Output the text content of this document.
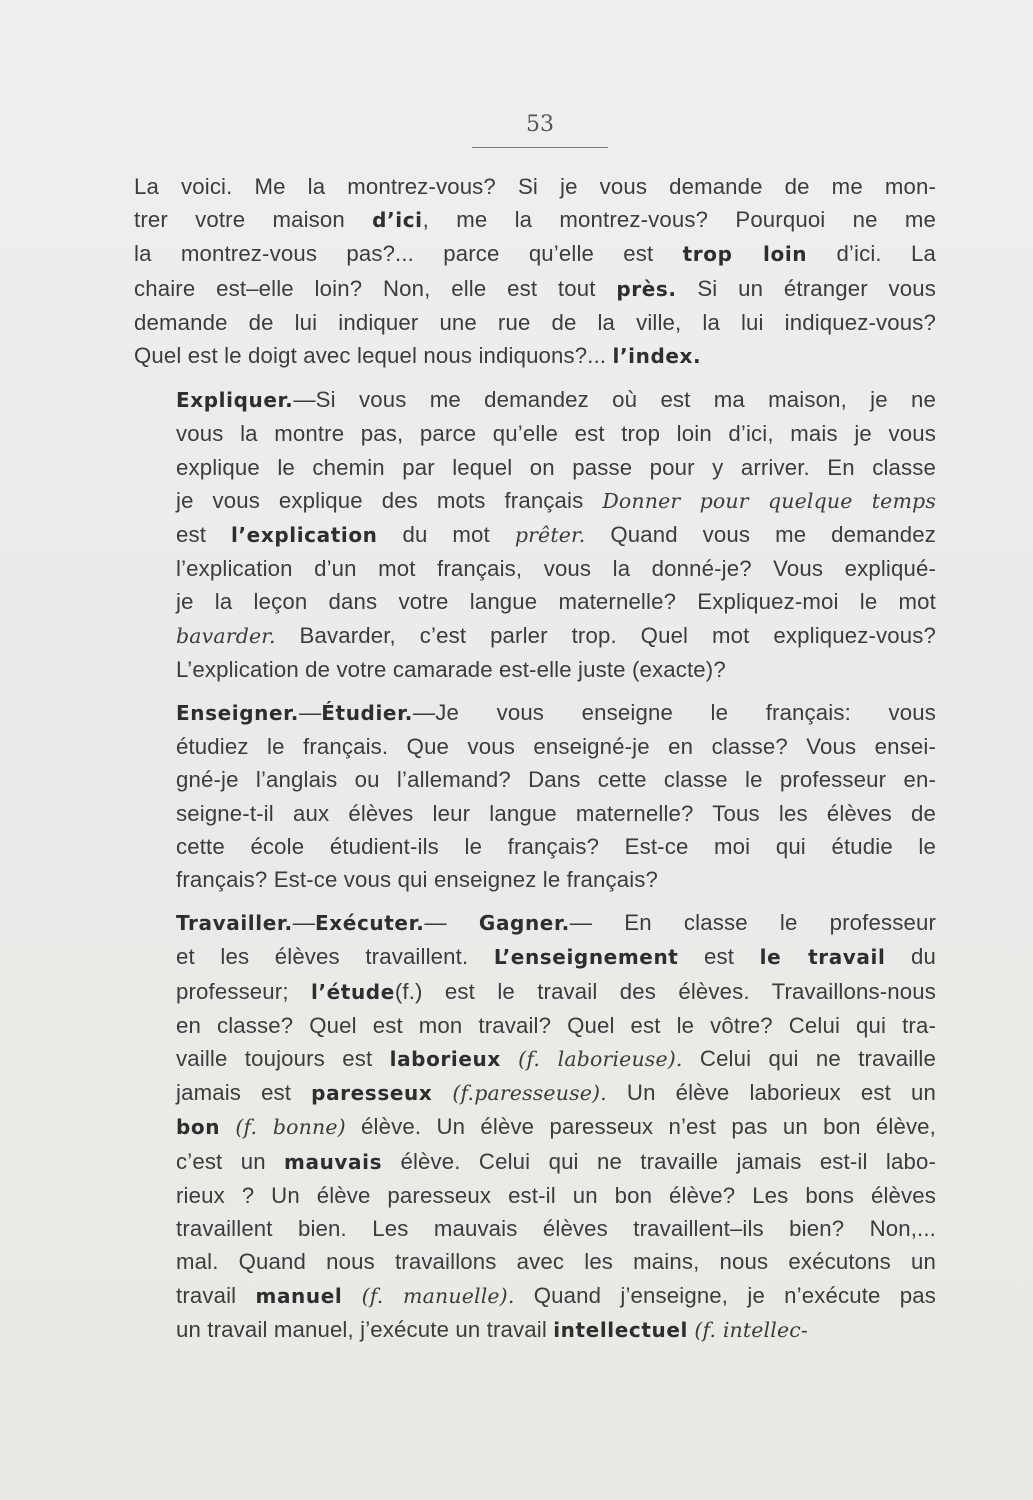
53

La voici. Me la montrez-vous? Si je vous demande de me mon-
trer votre maison d’ici, me la montrez-vous? Pourquoi ne me
la montrez-vous pas?... parce qu’elle est trop loin d’ici. La
chaire est–elle loin? Non, elle est tout près. Si un étranger vous
demande de lui indiquer une rue de la ville, la lui indiquez-vous?
Quel est le doigt avec lequel nous indiquons?... l’index.

Expliquer.—Si vous me demandez où est ma maison, je ne
vous la montre pas, parce qu’elle est trop loin d’ici, mais je vous
explique le chemin par lequel on passe pour y arriver. En classe
je vous explique des mots français Donner pour quelque temps
est l’explication du mot prêter. Quand vous me demandez
l’explication d’un mot français, vous la donné-je? Vous expliqué-
je la leçon dans votre langue maternelle? Expliquez-moi le mot
bavarder. Bavarder, c’est parler trop. Quel mot expliquez-vous?
L’explication de votre camarade est-elle juste (exacte)?

Enseigner.—Étudier.—Je vous enseigne le français: vous
étudiez le français. Que vous enseigné-je en classe? Vous ensei-
gné-je l’anglais ou l’allemand? Dans cette classe le professeur en-
seigne-t-il aux élèves leur langue maternelle? Tous les élèves de
cette école étudient-ils le français? Est-ce moi qui étudie le
français? Est-ce vous qui enseignez le français?

Travailler.—Exécuter.— Gagner.— En classe le professeur
et les élèves travaillent. L’enseignement est le travail du
professeur; l’étude(f.) est le travail des élèves. Travaillons-nous
en classe? Quel est mon travail? Quel est le vôtre? Celui qui tra-
vaille toujours est laborieux (f. laborieuse). Celui qui ne travaille
jamais est paresseux (f.paresseuse). Un élève laborieux est un
bon (f. bonne) élève. Un élève paresseux n’est pas un bon élève,
c’est un mauvais élève. Celui qui ne travaille jamais est-il labo-
rieux ? Un élève paresseux est-il un bon élève? Les bons élèves
travaillent bien. Les mauvais élèves travaillent–ils bien? Non,...
mal. Quand nous travaillons avec les mains, nous exécutons un
travail manuel (f. manuelle). Quand j’enseigne, je n’exécute pas
un travail manuel, j’exécute un travail intellectuel (f. intellec-
